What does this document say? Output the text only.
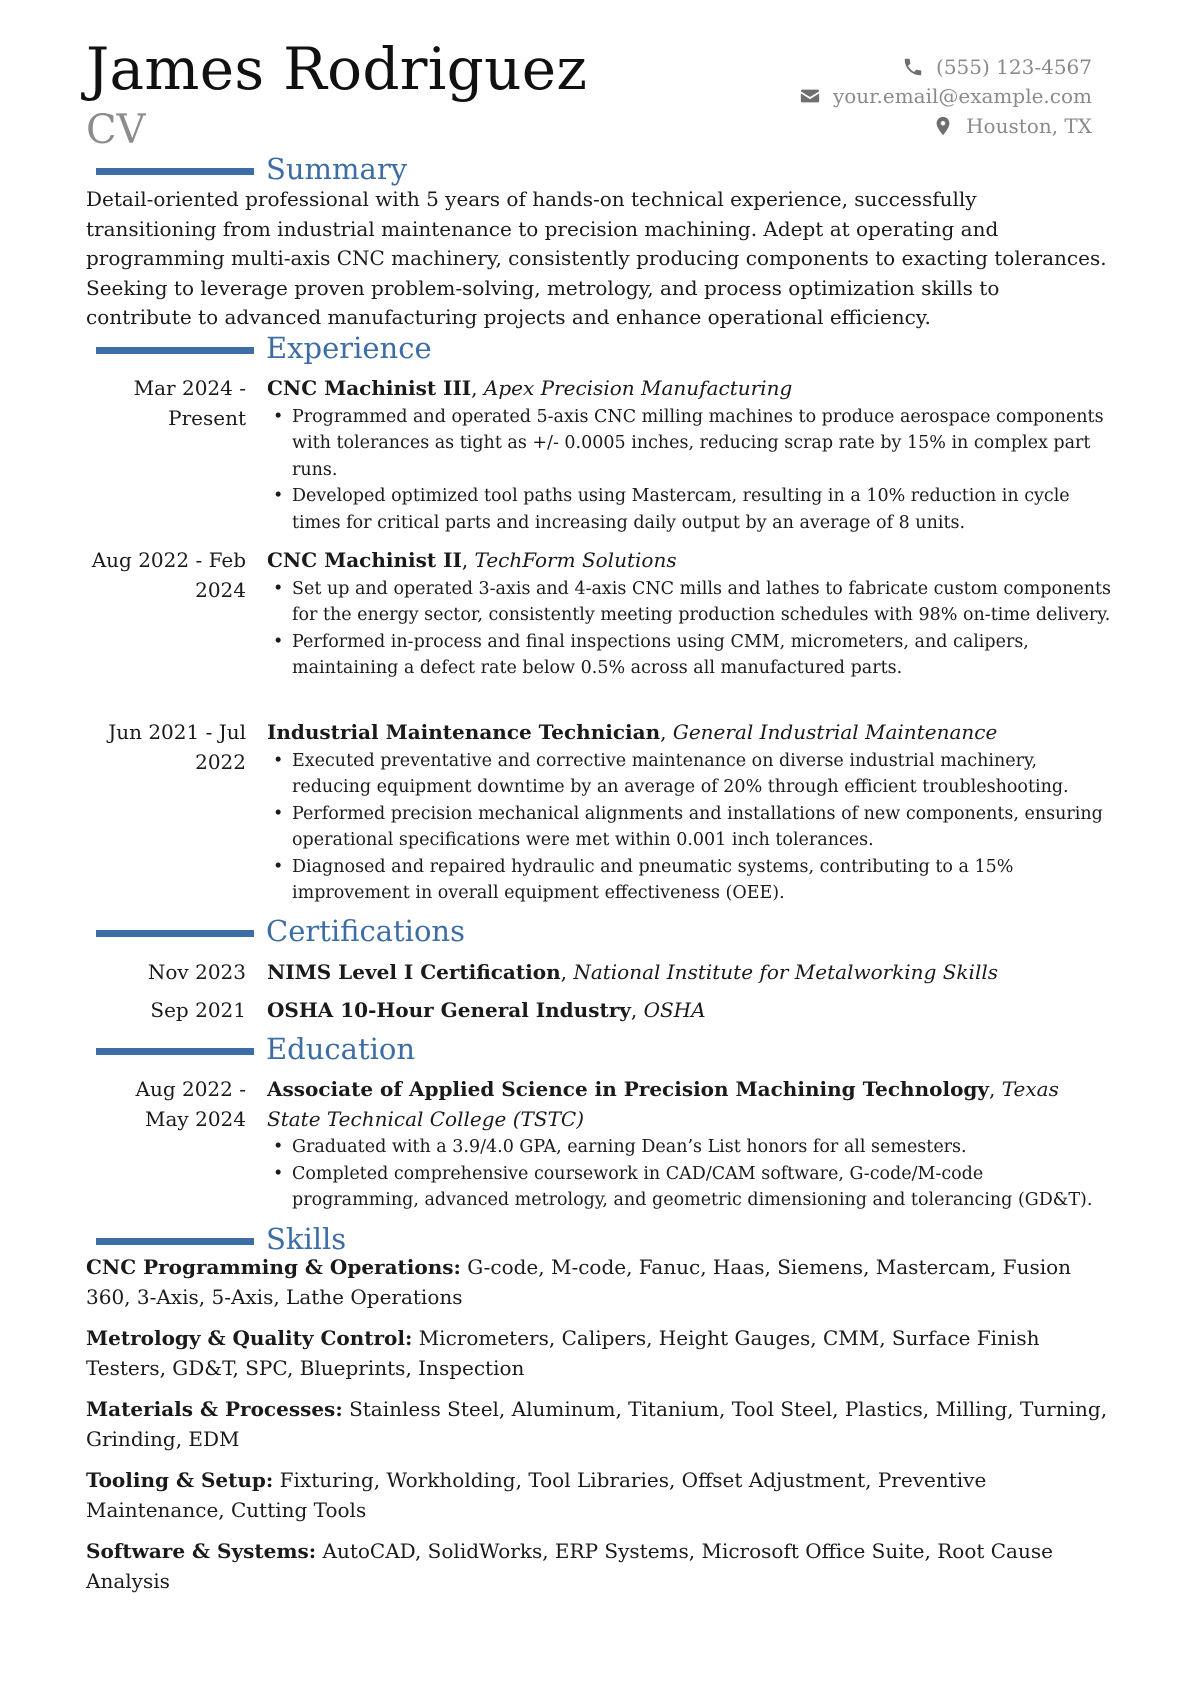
James Rodriguez
CV
(555) 123-4567
your.email@example.com
Houston, TX
Summary
Detail-oriented professional with 5 years of hands-on technical experience, successfully transitioning from industrial maintenance to precision machining. Adept at operating and programming multi-axis CNC machinery, consistently producing components to exacting tolerances. Seeking to leverage proven problem-solving, metrology, and process optimization skills to contribute to advanced manufacturing projects and enhance operational efficiency.
Experience
Mar 2024 - Present
CNC Machinist III, Apex Precision Manufacturing
• Programmed and operated 5-axis CNC milling machines to produce aerospace components with tolerances as tight as +/- 0.0005 inches, reducing scrap rate by 15% in complex part runs.
• Developed optimized tool paths using Mastercam, resulting in a 10% reduction in cycle times for critical parts and increasing daily output by an average of 8 units.
Aug 2022 - Feb 2024
CNC Machinist II, TechForm Solutions
• Set up and operated 3-axis and 4-axis CNC mills and lathes to fabricate custom components for the energy sector, consistently meeting production schedules with 98% on-time delivery.
• Performed in-process and final inspections using CMM, micrometers, and calipers, maintaining a defect rate below 0.5% across all manufactured parts.
Jun 2021 - Jul 2022
Industrial Maintenance Technician, General Industrial Maintenance
• Executed preventative and corrective maintenance on diverse industrial machinery, reducing equipment downtime by an average of 20% through efficient troubleshooting.
• Performed precision mechanical alignments and installations of new components, ensuring operational specifications were met within 0.001 inch tolerances.
• Diagnosed and repaired hydraulic and pneumatic systems, contributing to a 15% improvement in overall equipment effectiveness (OEE).
Certifications
Nov 2023 NIMS Level I Certification, National Institute for Metalworking Skills
Sep 2021 OSHA 10-Hour General Industry, OSHA
Education
Aug 2022 - May 2024
Associate of Applied Science in Precision Machining Technology, Texas State Technical College (TSTC)
• Graduated with a 3.9/4.0 GPA, earning Dean’s List honors for all semesters.
• Completed comprehensive coursework in CAD/CAM software, G-code/M-code programming, advanced metrology, and geometric dimensioning and tolerancing (GD&T).
Skills
CNC Programming & Operations: G-code, M-code, Fanuc, Haas, Siemens, Mastercam, Fusion 360, 3-Axis, 5-Axis, Lathe Operations
Metrology & Quality Control: Micrometers, Calipers, Height Gauges, CMM, Surface Finish Testers, GD&T, SPC, Blueprints, Inspection
Materials & Processes: Stainless Steel, Aluminum, Titanium, Tool Steel, Plastics, Milling, Turning, Grinding, EDM
Tooling & Setup: Fixturing, Workholding, Tool Libraries, Offset Adjustment, Preventive Maintenance, Cutting Tools
Software & Systems: AutoCAD, SolidWorks, ERP Systems, Microsoft Office Suite, Root Cause Analysis
